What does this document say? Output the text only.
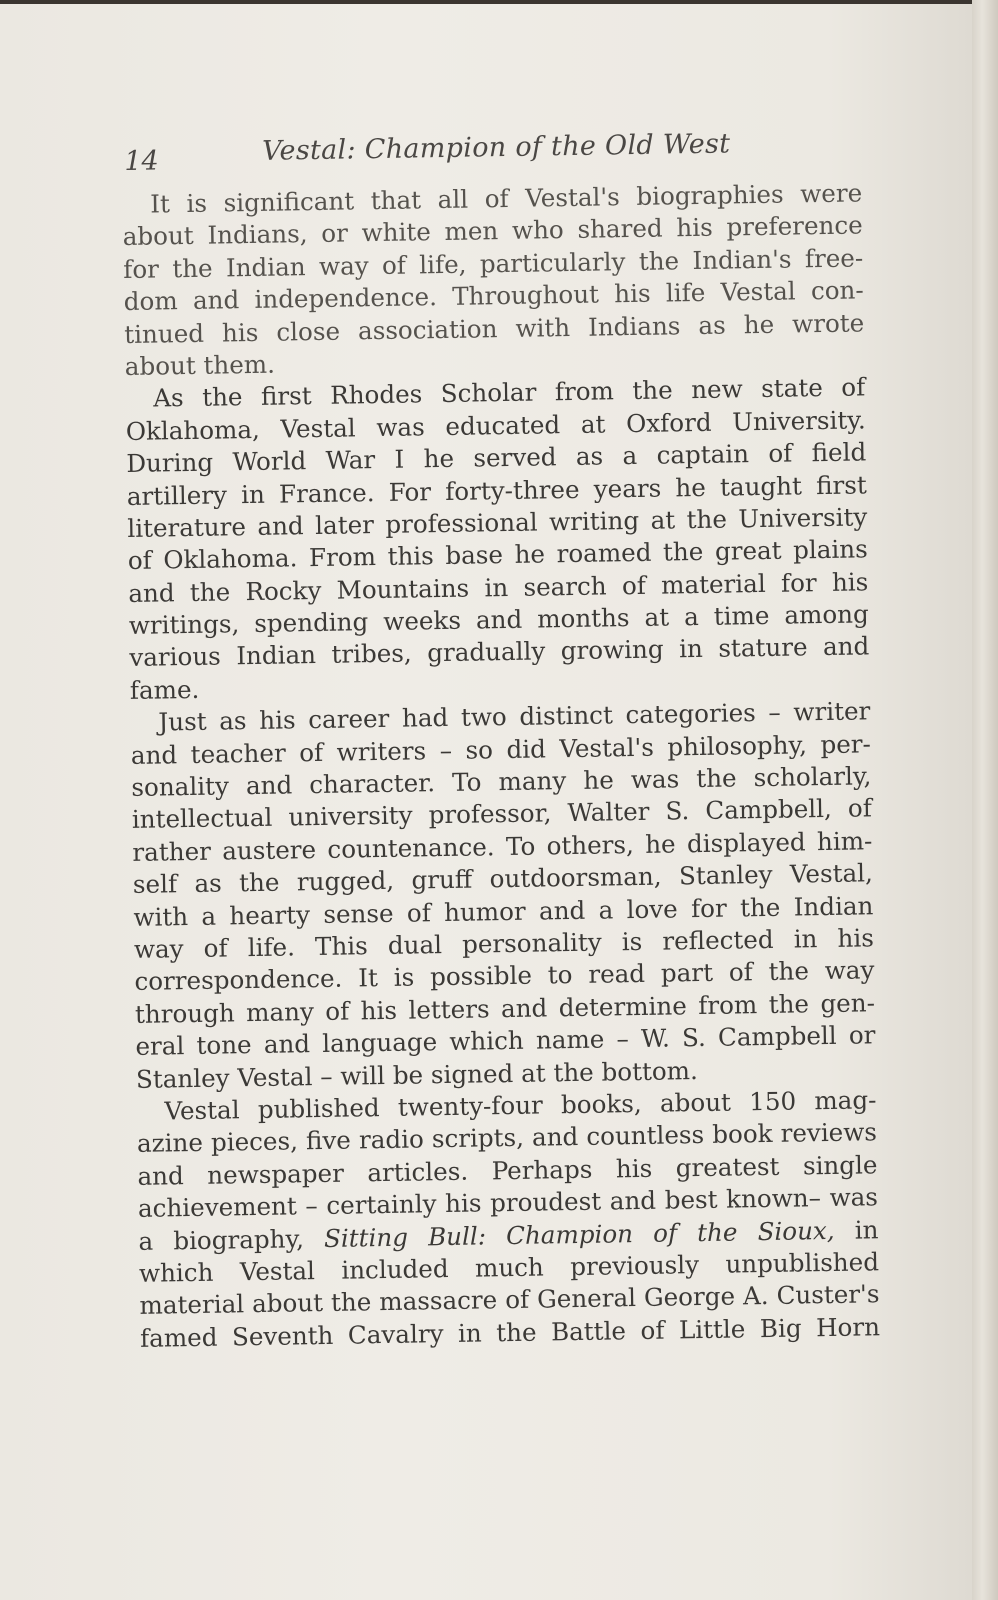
14	Vestal: Champion of the Old West
It is significant that all of Vestal's biographies were
about Indians, or white men who shared his preference
for the Indian way of life, particularly the Indian's free-
dom and independence. Throughout his life Vestal con-
tinued his close association with Indians as he wrote
about them.
As the first Rhodes Scholar from the new state of
Oklahoma, Vestal was educated at Oxford University.
During World War I he served as a captain of field
artillery in France. For forty-three years he taught first
literature and later professional writing at the University
of Oklahoma. From this base he roamed the great plains
and the Rocky Mountains in search of material for his
writings, spending weeks and months at a time among
various Indian tribes, gradually growing in stature and
fame.
Just as his career had two distinct categories – writer
and teacher of writers – so did Vestal's philosophy, per-
sonality and character. To many he was the scholarly,
intellectual university professor, Walter S. Campbell, of
rather austere countenance. To others, he displayed him-
self as the rugged, gruff outdoorsman, Stanley Vestal,
with a hearty sense of humor and a love for the Indian
way of life. This dual personality is reflected in his
correspondence. It is possible to read part of the way
through many of his letters and determine from the gen-
eral tone and language which name – W. S. Campbell or
Stanley Vestal – will be signed at the bottom.
Vestal published twenty-four books, about 150 mag-
azine pieces, five radio scripts, and countless book reviews
and newspaper articles. Perhaps his greatest single
achievement – certainly his proudest and best known– was
a biography, Sitting Bull: Champion of the Sioux, in
which Vestal included much previously unpublished
material about the massacre of General George A. Custer's
famed Seventh Cavalry in the Battle of Little Big Horn
